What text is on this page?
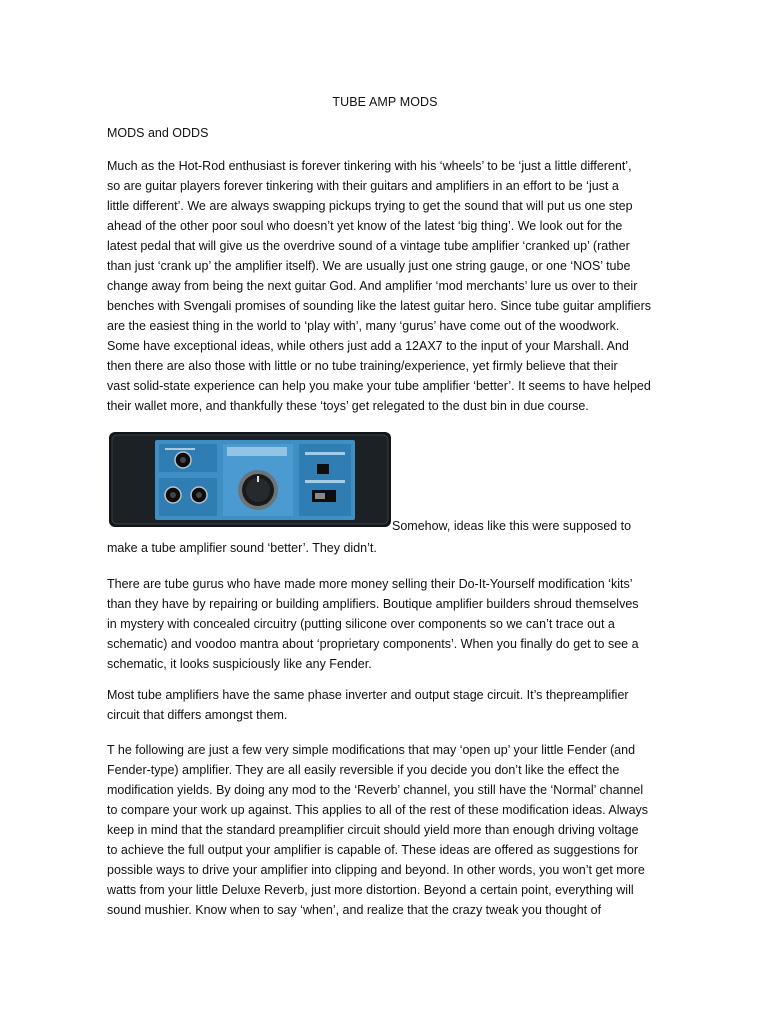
TUBE AMP MODS
MODS and ODDS
Much as the Hot-Rod enthusiast is forever tinkering with his ‘wheels’ to be ‘just a little different’,
so are guitar players forever tinkering with their guitars and amplifiers in an effort to be ‘just a
little different’. We are always swapping pickups trying to get the sound that will put us one step
ahead of the other poor soul who doesn’t yet know of the latest ‘big thing’. We look out for the
latest pedal that will give us the overdrive sound of a vintage tube amplifier ‘cranked up’ (rather
than just ‘crank up’ the amplifier itself). We are usually just one string gauge, or one ‘NOS’ tube
change away from being the next guitar God. And amplifier ‘mod merchants’ lure us over to their
benches with Svengali promises of sounding like the latest guitar hero. Since tube guitar amplifiers
are the easiest thing in the world to ‘play with’, many ‘gurus’ have come out of the woodwork.
Some have exceptional ideas, while others just add a 12AX7 to the input of your Marshall. And
then there are also those with little or no tube training/experience, yet firmly believe that their
vast solid-state experience can help you make your tube amplifier ‘better’. It seems to have helped
their wallet more, and thankfully these ‘toys’ get relegated to the dust bin in due course.
Somehow, ideas like this were supposed to
make a tube amplifier sound ‘better’. They didn’t.
There are tube gurus who have made more money selling their Do-It-Yourself modification ‘kits’
than they have by repairing or building amplifiers. Boutique amplifier builders shroud themselves
in mystery with concealed circuitry (putting silicone over components so we can’t trace out a
schematic) and voodoo mantra about ‘proprietary components’. When you finally do get to see a
schematic, it looks suspiciously like any Fender.
Most tube amplifiers have the same phase inverter and output stage circuit. It’s thepreamplifier
circuit that differs amongst them.
T he following are just a few very simple modifications that may ‘open up’ your little Fender (and
Fender-type) amplifier. They are all easily reversible if you decide you don’t like the effect the
modification yields. By doing any mod to the ‘Reverb’ channel, you still have the ‘Normal’ channel
to compare your work up against. This applies to all of the rest of these modification ideas. Always
keep in mind that the standard preamplifier circuit should yield more than enough driving voltage
to achieve the full output your amplifier is capable of. These ideas are offered as suggestions for
possible ways to drive your amplifier into clipping and beyond. In other words, you won’t get more
watts from your little Deluxe Reverb, just more distortion. Beyond a certain point, everything will
sound mushier. Know when to say ‘when’, and realize that the crazy tweak you thought of
